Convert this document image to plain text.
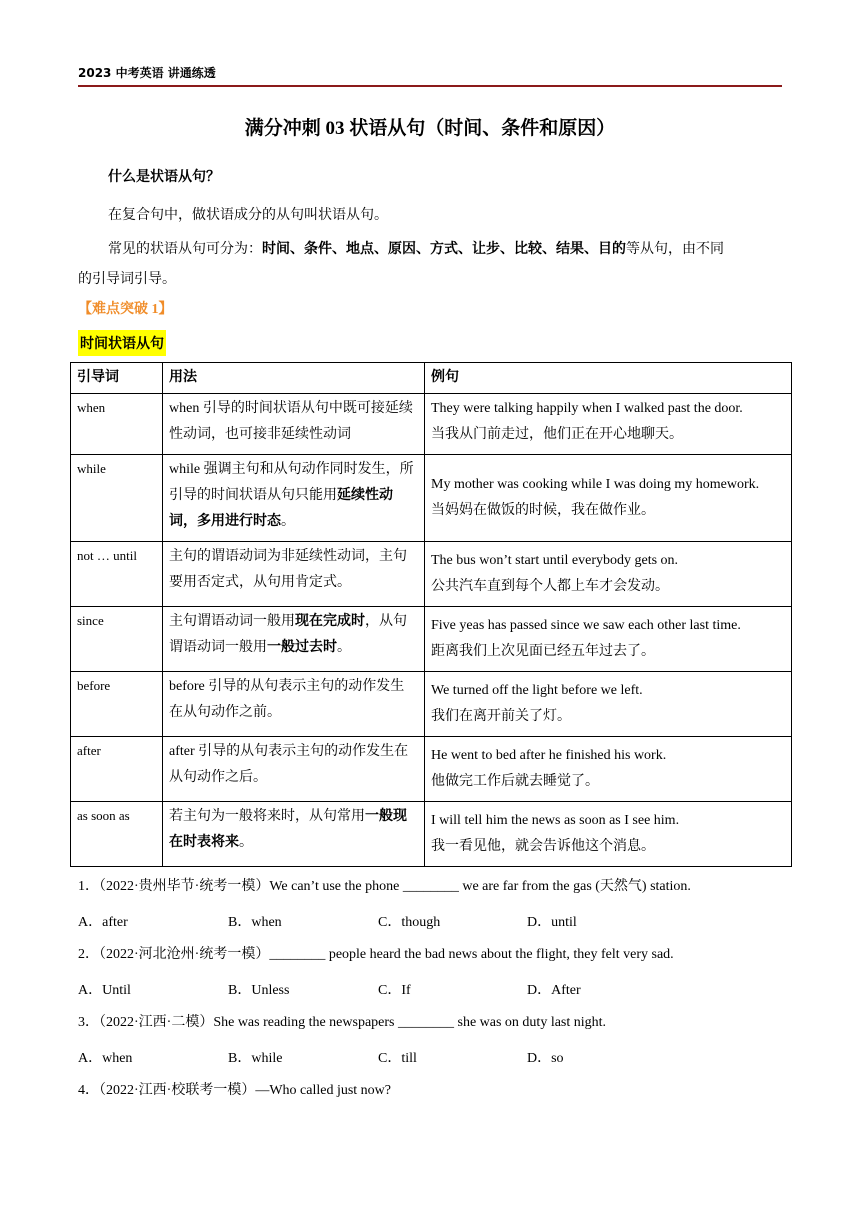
2023 中考英语 讲通练透
满分冲刺 03 状语从句（时间、条件和原因）
什么是状语从句？
在复合句中，做状语成分的从句叫状语从句。
常见的状语从句可分为：时间、条件、地点、原因、方式、让步、比较、结果、目的等从句，由不同
的引导词引导。
【难点突破 1】
时间状语从句
引导词	用法	例句
when	when 引导的时间状语从句中既可接延续性动词，也可接非延续性动词	They were talking happily when I walked past the door.
当我从门前走过，他们正在开心地聊天。

while	while 强调主句和从句动作同时发生，所引导的时间状语从句只能用延续性动词，多用进行时态。	My mother was cooking while I was doing my homework.
当妈妈在做饭的时候，我在做作业。

not … until	主句的谓语动词为非延续性动词，主句要用否定式，从句用肯定式。	The bus won’t start until everybody gets on.
公共汽车直到每个人都上车才会发动。

since	主句谓语动词一般用现在完成时，从句谓语动词一般用一般过去时。	Five yeas has passed since we saw each other last time.
距离我们上次见面已经五年过去了。

before	before 引导的从句表示主句的动作发生在从句动作之前。	We turned off the light before we left.
我们在离开前关了灯。

after	after 引导的从句表示主句的动作发生在从句动作之后。	He went to bed after he finished his work.
他做完工作后就去睡觉了。

as soon as	若主句为一般将来时，从句常用一般现在时表将来。	I will tell him the news as soon as I see him.
我一看见他，就会告诉他这个消息。
1．（2022·贵州毕节·统考一模）We can’t use the phone ________ we are far from the gas (天然气) station.
A．after	B．when	C．though	D．until
2．（2022·河北沧州·统考一模）________ people heard the bad news about the flight, they felt very sad.
A．Until	B．Unless	C．If	D．After
3．（2022·江西·二模）She was reading the newspapers ________ she was on duty last night.
A．when	B．while	C．till	D．so
4．（2022·江西·校联考一模）—Who called just now?
